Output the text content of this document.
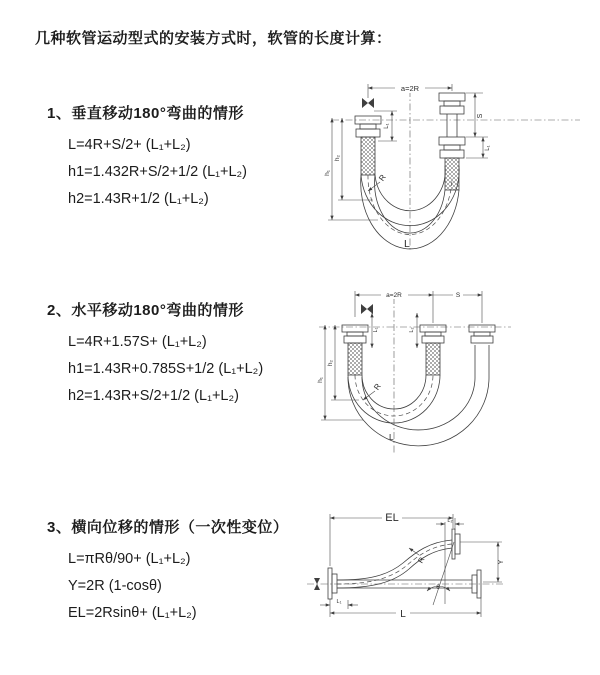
几种软管运动型式的安装方式时，软管的长度计算：
1、垂直移动180°弯曲的情形
L=4R+S/2+ (L₁+L₂)
h1=1.432R+S/2+1/2 (L₁+L₂)
h2=1.43R+1/2 (L₁+L₂)
2、水平移动180°弯曲的情形
L=4R+1.57S+ (L₁+L₂)
h1=1.43R+0.785S+1/2 (L₁+L₂)
h2=1.43R+S/2+1/2 (L₁+L₂)
3、横向位移的情形（一次性变位）
L=πRθ/90+ (L₁+L₂)
Y=2R (1-cosθ)
EL=2Rsinθ+ (L₁+L₂)
a=2R
S
L₁
L₁
h₁
h₂
R
L
a=2R	S
L₁	L₂
h₁
h₂
R
L
EL	L₂
Y
θ
R
L₁
L
